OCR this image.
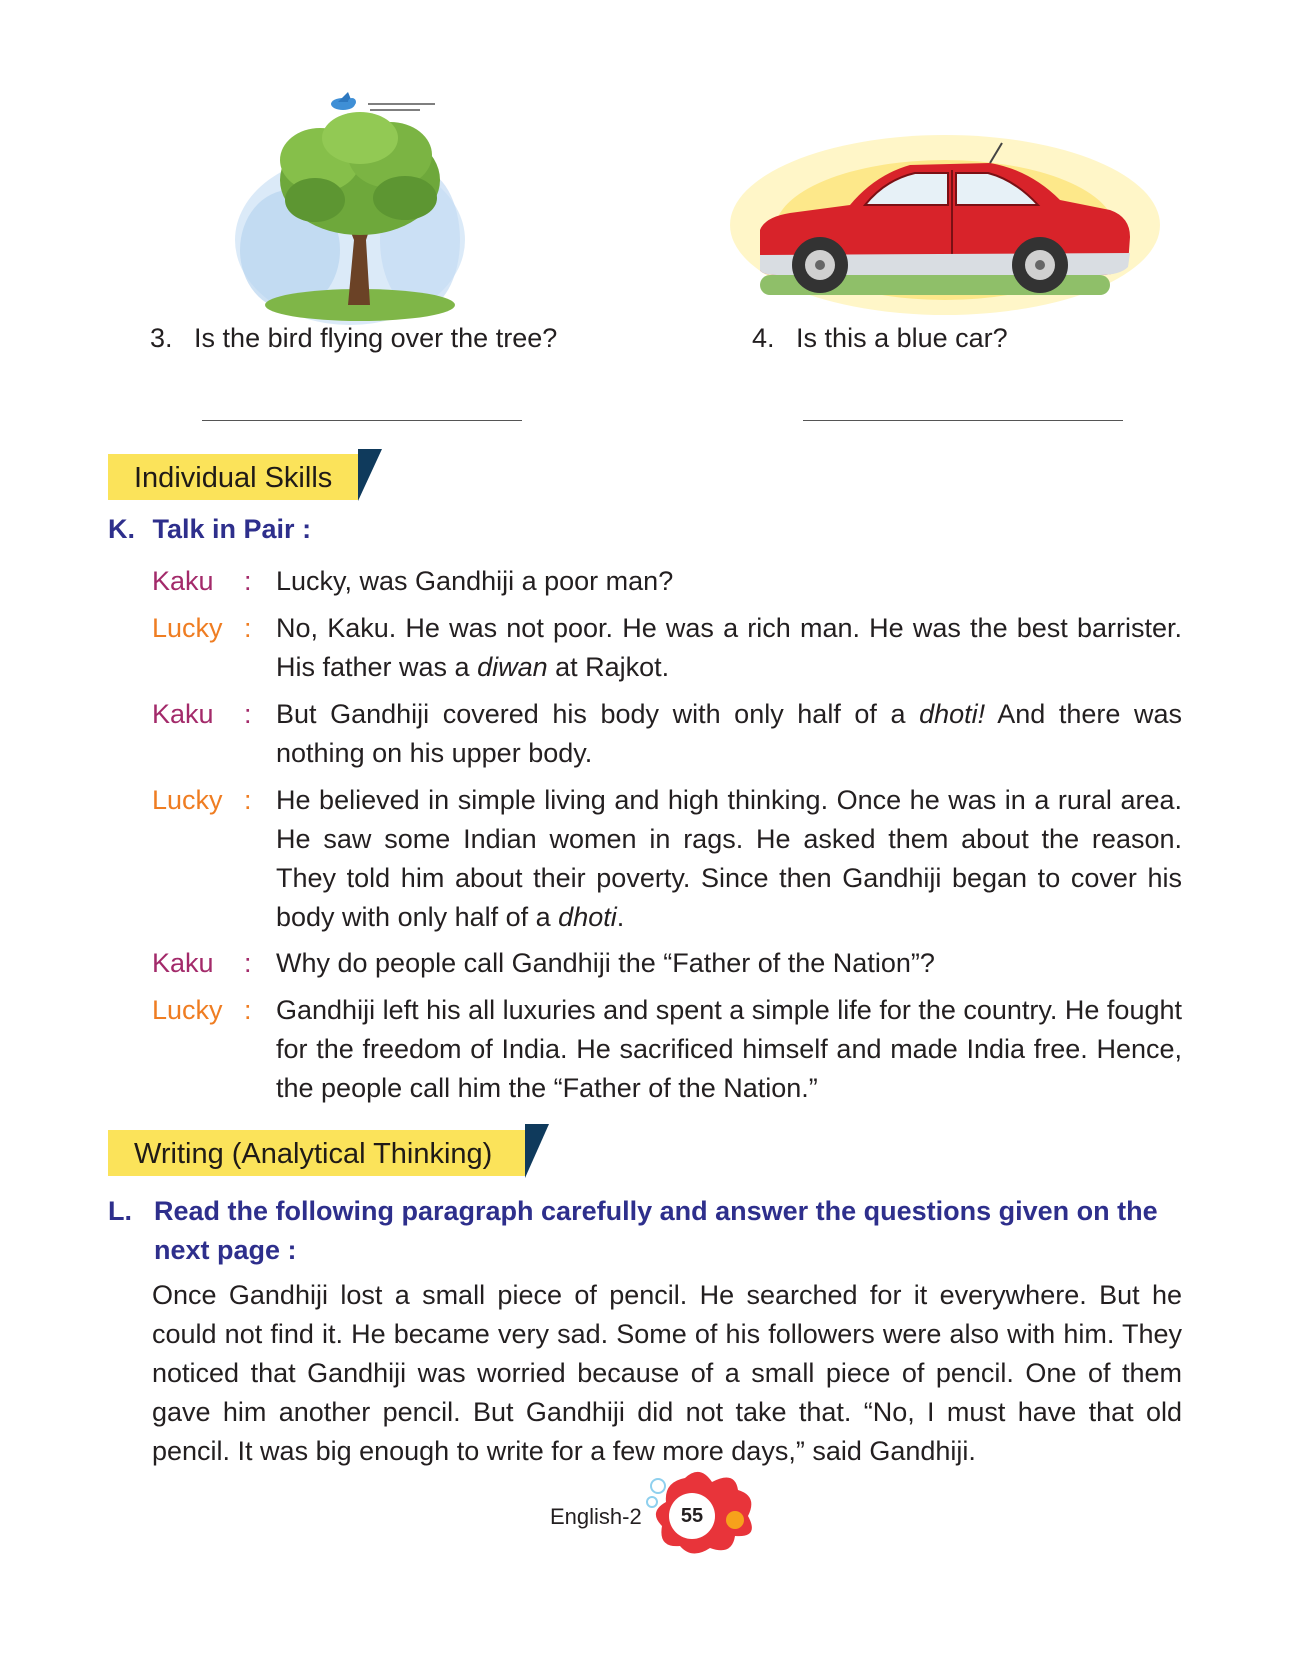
3. Is the bird flying over the tree?	4. Is this a blue car?
Individual Skills
K. Talk in Pair :
Kaku : Lucky, was Gandhiji a poor man?
Lucky : No, Kaku. He was not poor. He was a rich man. He was the best barrister. His father was a diwan at Rajkot.
Kaku : But Gandhiji covered his body with only half of a dhoti! And there was nothing on his upper body.
Lucky : He believed in simple living and high thinking. Once he was in a rural area. He saw some Indian women in rags. He asked them about the reason. They told him about their poverty. Since then Gandhiji began to cover his body with only half of a dhoti.
Kaku : Why do people call Gandhiji the “Father of the Nation”?
Lucky : Gandhiji left his all luxuries and spent a simple life for the country. He fought for the freedom of India. He sacrificed himself and made India free. Hence, the people call him the “Father of the Nation.”
Writing (Analytical Thinking)
L. Read the following paragraph carefully and answer the questions given on the next page :
Once Gandhiji lost a small piece of pencil. He searched for it everywhere. But he could not find it. He became very sad. Some of his followers were also with him. They noticed that Gandhiji was worried because of a small piece of pencil. One of them gave him another pencil. But Gandhiji did not take that. “No, I must have that old pencil. It was big enough to write for a few more days,” said Gandhiji.
English-2	55
